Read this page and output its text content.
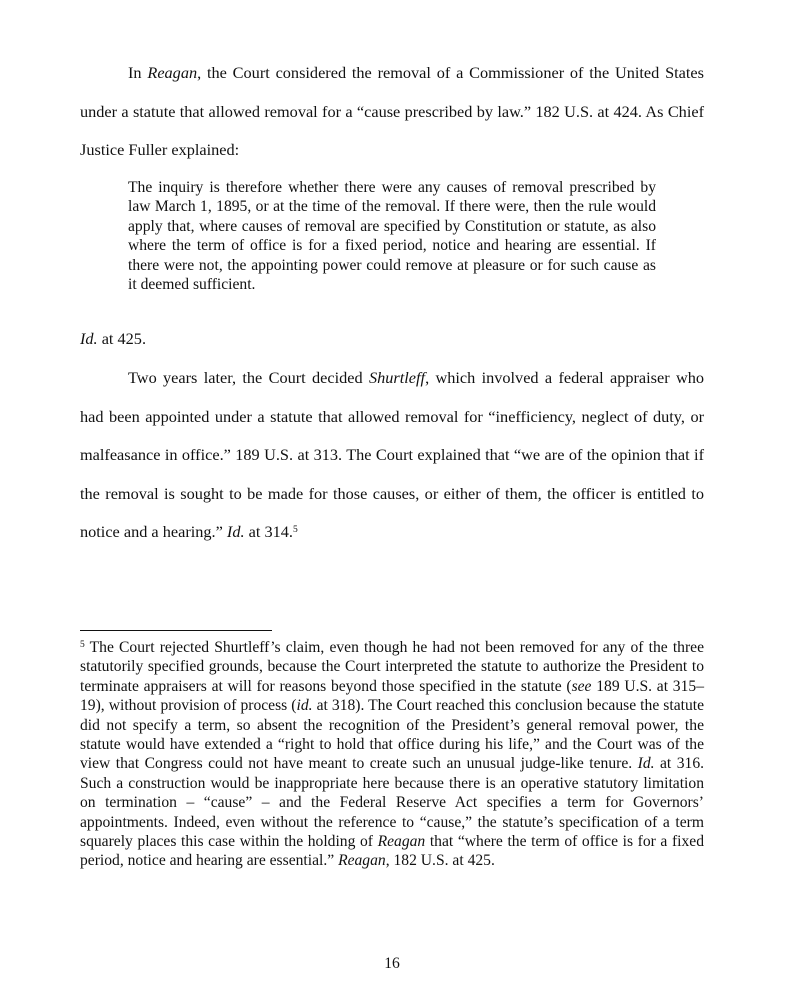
In Reagan, the Court considered the removal of a Commissioner of the United States under a statute that allowed removal for a “cause prescribed by law.” 182 U.S. at 424. As Chief Justice Fuller explained:

The inquiry is therefore whether there were any causes of removal prescribed by law March 1, 1895, or at the time of the removal. If there were, then the rule would apply that, where causes of removal are specified by Constitution or statute, as also where the term of office is for a fixed period, notice and hearing are essential. If there were not, the appointing power could remove at pleasure or for such cause as it deemed sufficient.

Id. at 425.

Two years later, the Court decided Shurtleff, which involved a federal appraiser who had been appointed under a statute that allowed removal for “inefficiency, neglect of duty, or malfeasance in office.” 189 U.S. at 313. The Court explained that “we are of the opinion that if the removal is sought to be made for those causes, or either of them, the officer is entitled to notice and a hearing.” Id. at 314.$^5$

$^5$ The Court rejected Shurtleff’s claim, even though he had not been removed for any of the three statutorily specified grounds, because the Court interpreted the statute to authorize the President to terminate appraisers at will for reasons beyond those specified in the statute (see 189 U.S. at 315–19), without provision of process (id. at 318). The Court reached this conclusion because the statute did not specify a term, so absent the recognition of the President’s general removal power, the statute would have extended a “right to hold that office during his life,” and the Court was of the view that Congress could not have meant to create such an unusual judge-like tenure. Id. at 316. Such a construction would be inappropriate here because there is an operative statutory limitation on termination – “cause” – and the Federal Reserve Act specifies a term for Governors’ appointments. Indeed, even without the reference to “cause,” the statute’s specification of a term squarely places this case within the holding of Reagan that “where the term of office is for a fixed period, notice and hearing are essential.” Reagan, 182 U.S. at 425.

16
